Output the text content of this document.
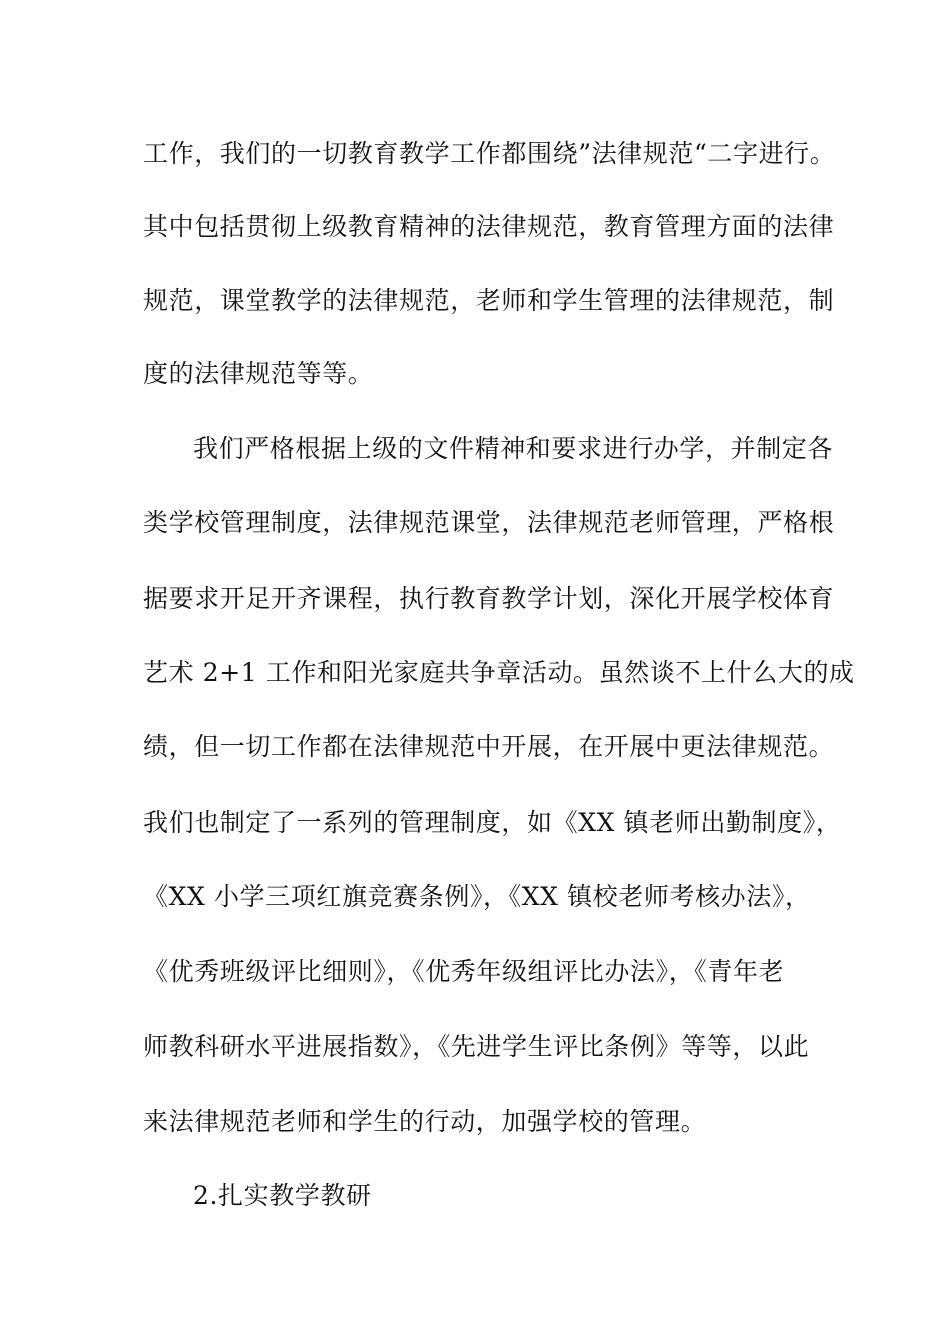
工作，我们的一切教育教学工作都围绕”法律规范“二字进行。
其中包括贯彻上级教育精神的法律规范，教育管理方面的法律
规范，课堂教学的法律规范，老师和学生管理的法律规范，制
度的法律规范等等。
我们严格根据上级的文件精神和要求进行办学，并制定各
类学校管理制度，法律规范课堂，法律规范老师管理，严格根
据要求开足开齐课程，执行教育教学计划，深化开展学校体育
艺术 2+1 工作和阳光家庭共争章活动。虽然谈不上什么大的成
绩，但一切工作都在法律规范中开展，在开展中更法律规范。
我们也制定了一系列的管理制度，如《XX 镇老师出勤制度》，
《XX 小学三项红旗竞赛条例》，《XX 镇校老师考核办法》，
《优秀班级评比细则》，《优秀年级组评比办法》，《青年老
师教科研水平进展指数》，《先进学生评比条例》等等，以此
来法律规范老师和学生的行动，加强学校的管理。
2.扎实教学教研
